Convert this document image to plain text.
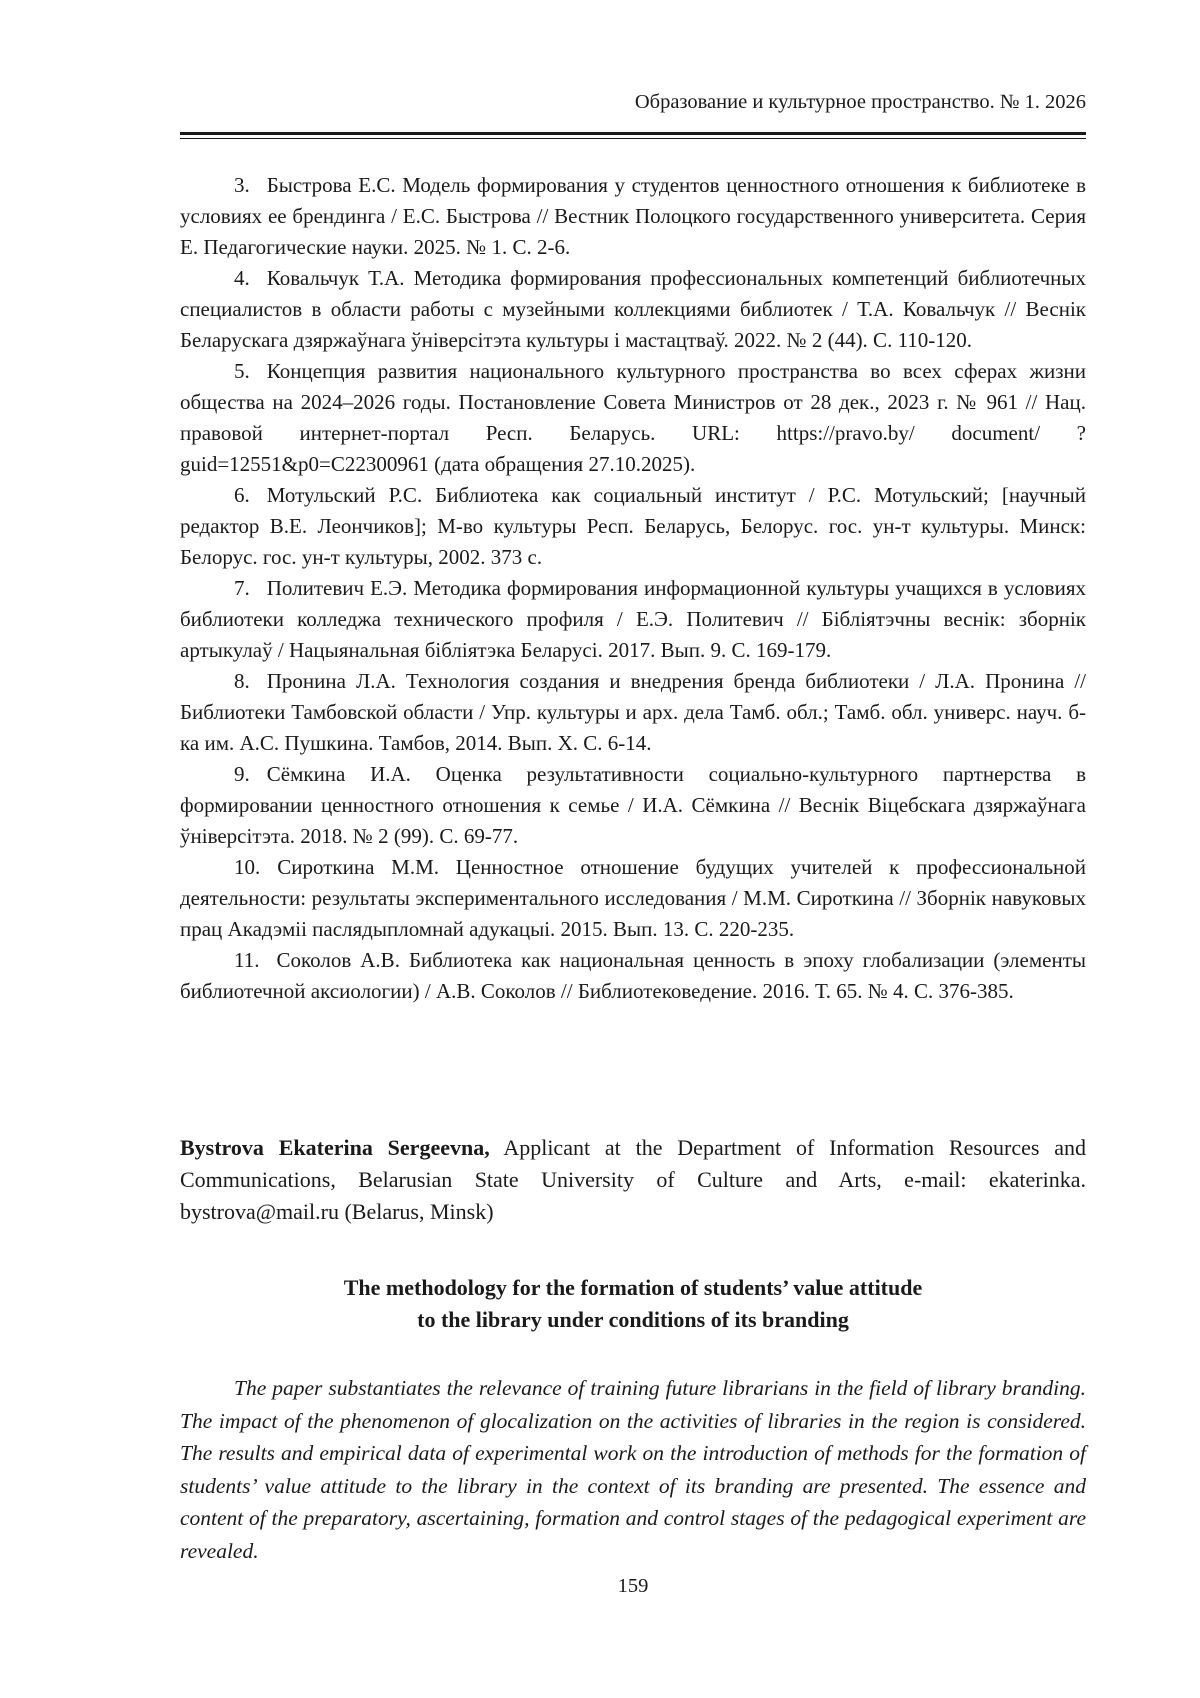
Образование и культурное пространство. № 1. 2026

3. Быстрова Е.С. Модель формирования у студентов ценностного отношения к библиотеке в условиях ее брендинга / Е.С. Быстрова // Вестник Полоцкого государственного университета. Серия Е. Педагогические науки. 2025. № 1. С. 2-6.

4. Ковальчук Т.А. Методика формирования профессиональных компетенций библиотечных специалистов в области работы с музейными коллекциями библиотек / Т.А. Ковальчук // Веснік Беларускага дзяржаўнага ўніверсітэта культуры і мастацтваў. 2022. № 2 (44). С. 110-120.

5. Концепция развития национального культурного пространства во всех сферах жизни общества на 2024–2026 годы. Постановление Совета Министров от 28 дек., 2023 г. № 961 // Нац. правовой интернет-портал Респ. Беларусь. URL: https://pravo.by/ document/ ?guid=12551&p0=C22300961 (дата обращения 27.10.2025).

6. Мотульский Р.С. Библиотека как социальный институт / Р.С. Мотульский; [научный редактор В.Е. Леончиков]; М-во культуры Респ. Беларусь, Белорус. гос. ун-т культуры. Минск: Белорус. гос. ун-т культуры, 2002. 373 с.

7. Политевич Е.Э. Методика формирования информационной культуры учащихся в условиях библиотеки колледжа технического профиля / Е.Э. Политевич // Бібліятэчны веснік: зборнік артыкулаў / Нацыянальная бібліятэка Беларусі. 2017. Вып. 9. С. 169-179.

8. Пронина Л.А. Технология создания и внедрения бренда библиотеки / Л.А. Пронина // Библиотеки Тамбовской области / Упр. культуры и арх. дела Тамб. обл.; Тамб. обл. универс. науч. б-ка им. А.С. Пушкина. Тамбов, 2014. Вып. X. С. 6-14.

9. Сёмкина И.А. Оценка результативности социально-культурного партнерства в формировании ценностного отношения к семье / И.А. Сёмкина // Веснік Віцебскага дзяржаўнага ўніверсітэта. 2018. № 2 (99). С. 69-77.

10. Сироткина М.М. Ценностное отношение будущих учителей к профессиональной деятельности: результаты экспериментального исследования / М.М. Сироткина // Зборнік навуковых прац Акадэміі паслядыпломнай адукацыі. 2015. Вып. 13. С. 220-235.

11. Соколов А.В. Библиотека как национальная ценность в эпоху глобализации (элементы библиотечной аксиологии) / А.В. Соколов // Библиотековедение. 2016. Т. 65. № 4. С. 376-385.

Bystrova Ekaterina Sergeevna, Applicant at the Department of Information Resources and Communications, Belarusian State University of Culture and Arts, e-mail: ekaterinka. bystrova@mail.ru (Belarus, Minsk)

The methodology for the formation of students’ value attitude
to the library under conditions of its branding

The paper substantiates the relevance of training future librarians in the field of library branding. The impact of the phenomenon of glocalization on the activities of libraries in the region is considered. The results and empirical data of experimental work on the introduction of methods for the formation of students’ value attitude to the library in the context of its branding are presented. The essence and content of the preparatory, ascertaining, formation and control stages of the pedagogical experiment are revealed.

159
